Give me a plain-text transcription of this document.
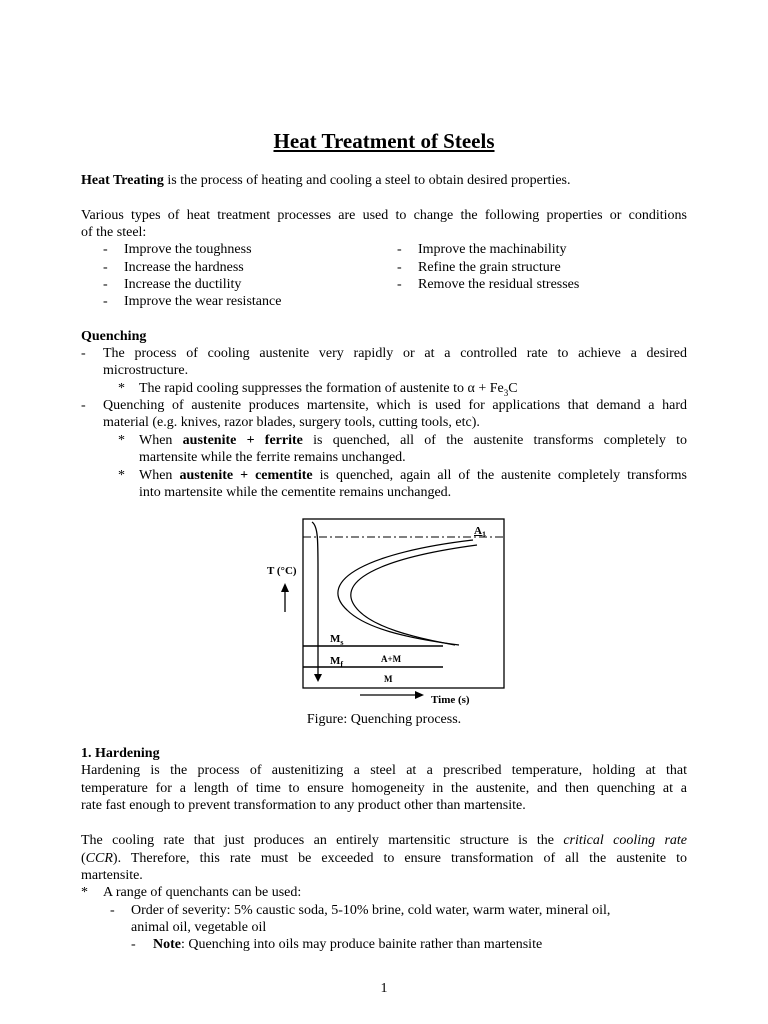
Heat Treatment of Steels
Heat Treating is the process of heating and cooling a steel to obtain desired properties.
Various types of heat treatment processes are used to change the following properties or conditions
of the steel:
- Improve the toughness
- Increase the hardness
- Increase the ductility
- Improve the wear resistance
- Improve the machinability
- Refine the grain structure
- Remove the residual stresses
Quenching
- The process of cooling austenite very rapidly or at a controlled rate to achieve a desired
microstructure.
* The rapid cooling suppresses the formation of austenite to $\alpha + Fe_3C$
- Quenching of austenite produces martensite, which is used for applications that demand a hard
material (e.g. knives, razor blades, surgery tools, cutting tools, etc).
* When austenite + ferrite is quenched, all of the austenite transforms completely to
martensite while the ferrite remains unchanged.
* When austenite + cementite is quenched, again all of the austenite completely transforms
into martensite while the cementite remains unchanged.
T (°C)
Time (s)
$A_1$
$M_s$
$M_f$
A+M
M
Figure: Quenching process.
1. Hardening
Hardening is the process of austenitizing a steel at a prescribed temperature, holding at that
temperature for a length of time to ensure homogeneity in the austenite, and then quenching at a
rate fast enough to prevent transformation to any product other than martensite.
The cooling rate that just produces an entirely martensitic structure is the critical cooling rate
(CCR). Therefore, this rate must be exceeded to ensure transformation of all the austenite to
martensite.
* A range of quenchants can be used:
- Order of severity: 5% caustic soda, 5-10% brine, cold water, warm water, mineral oil,
animal oil, vegetable oil
- Note: Quenching into oils may produce bainite rather than martensite
1
